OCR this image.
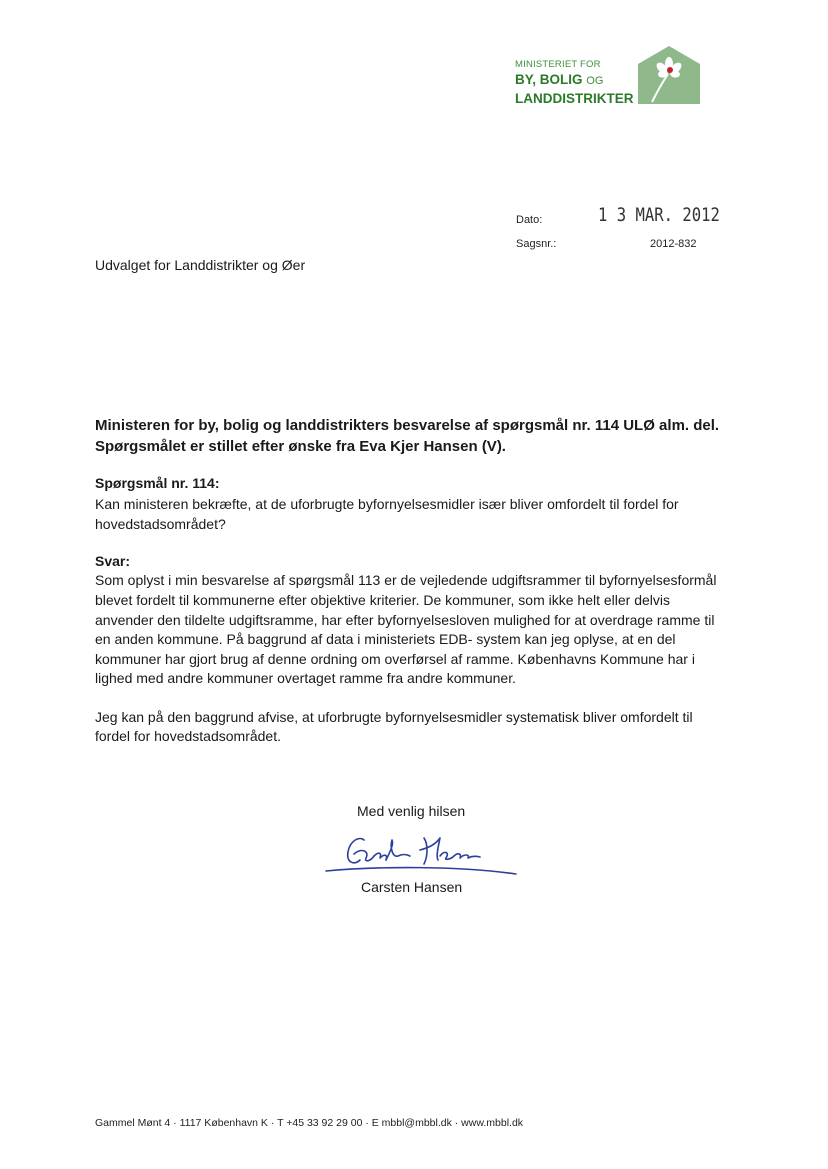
MINISTERIET FOR
BY, BOLIG OG
LANDDISTRIKTER
Dato:	1 3 MAR. 2012
Sagsnr.:	2012-832
Udvalget for Landdistrikter og Øer
Ministeren for by, bolig og landdistrikters besvarelse af spørgsmål nr. 114 ULØ alm. del. Spørgsmålet er stillet efter ønske fra Eva Kjer Hansen (V).
Spørgsmål nr. 114:
Kan ministeren bekræfte, at de uforbrugte byfornyelsesmidler især bliver omfordelt til fordel for hovedstadsområdet?
Svar:
Som oplyst i min besvarelse af spørgsmål 113 er de vejledende udgiftsrammer til byfornyelsesformål
blevet fordelt til kommunerne efter objektive kriterier. De kommuner, som ikke helt eller delvis
anvender den tildelte udgiftsramme, har efter byfornyelsesloven mulighed for at overdrage ramme til
en anden kommune. På baggrund af data i ministeriets EDB- system kan jeg oplyse, at en del
kommuner har gjort brug af denne ordning om overførsel af ramme. Københavns Kommune har i
lighed med andre kommuner overtaget ramme fra andre kommuner.
Jeg kan på den baggrund afvise, at uforbrugte byfornyelsesmidler systematisk bliver omfordelt til
fordel for hovedstadsområdet.
Med venlig hilsen
Carsten Hansen
Gammel Mønt 4 · 1117 København K · T +45 33 92 29 00 · E mbbl@mbbl.dk · www.mbbl.dk
